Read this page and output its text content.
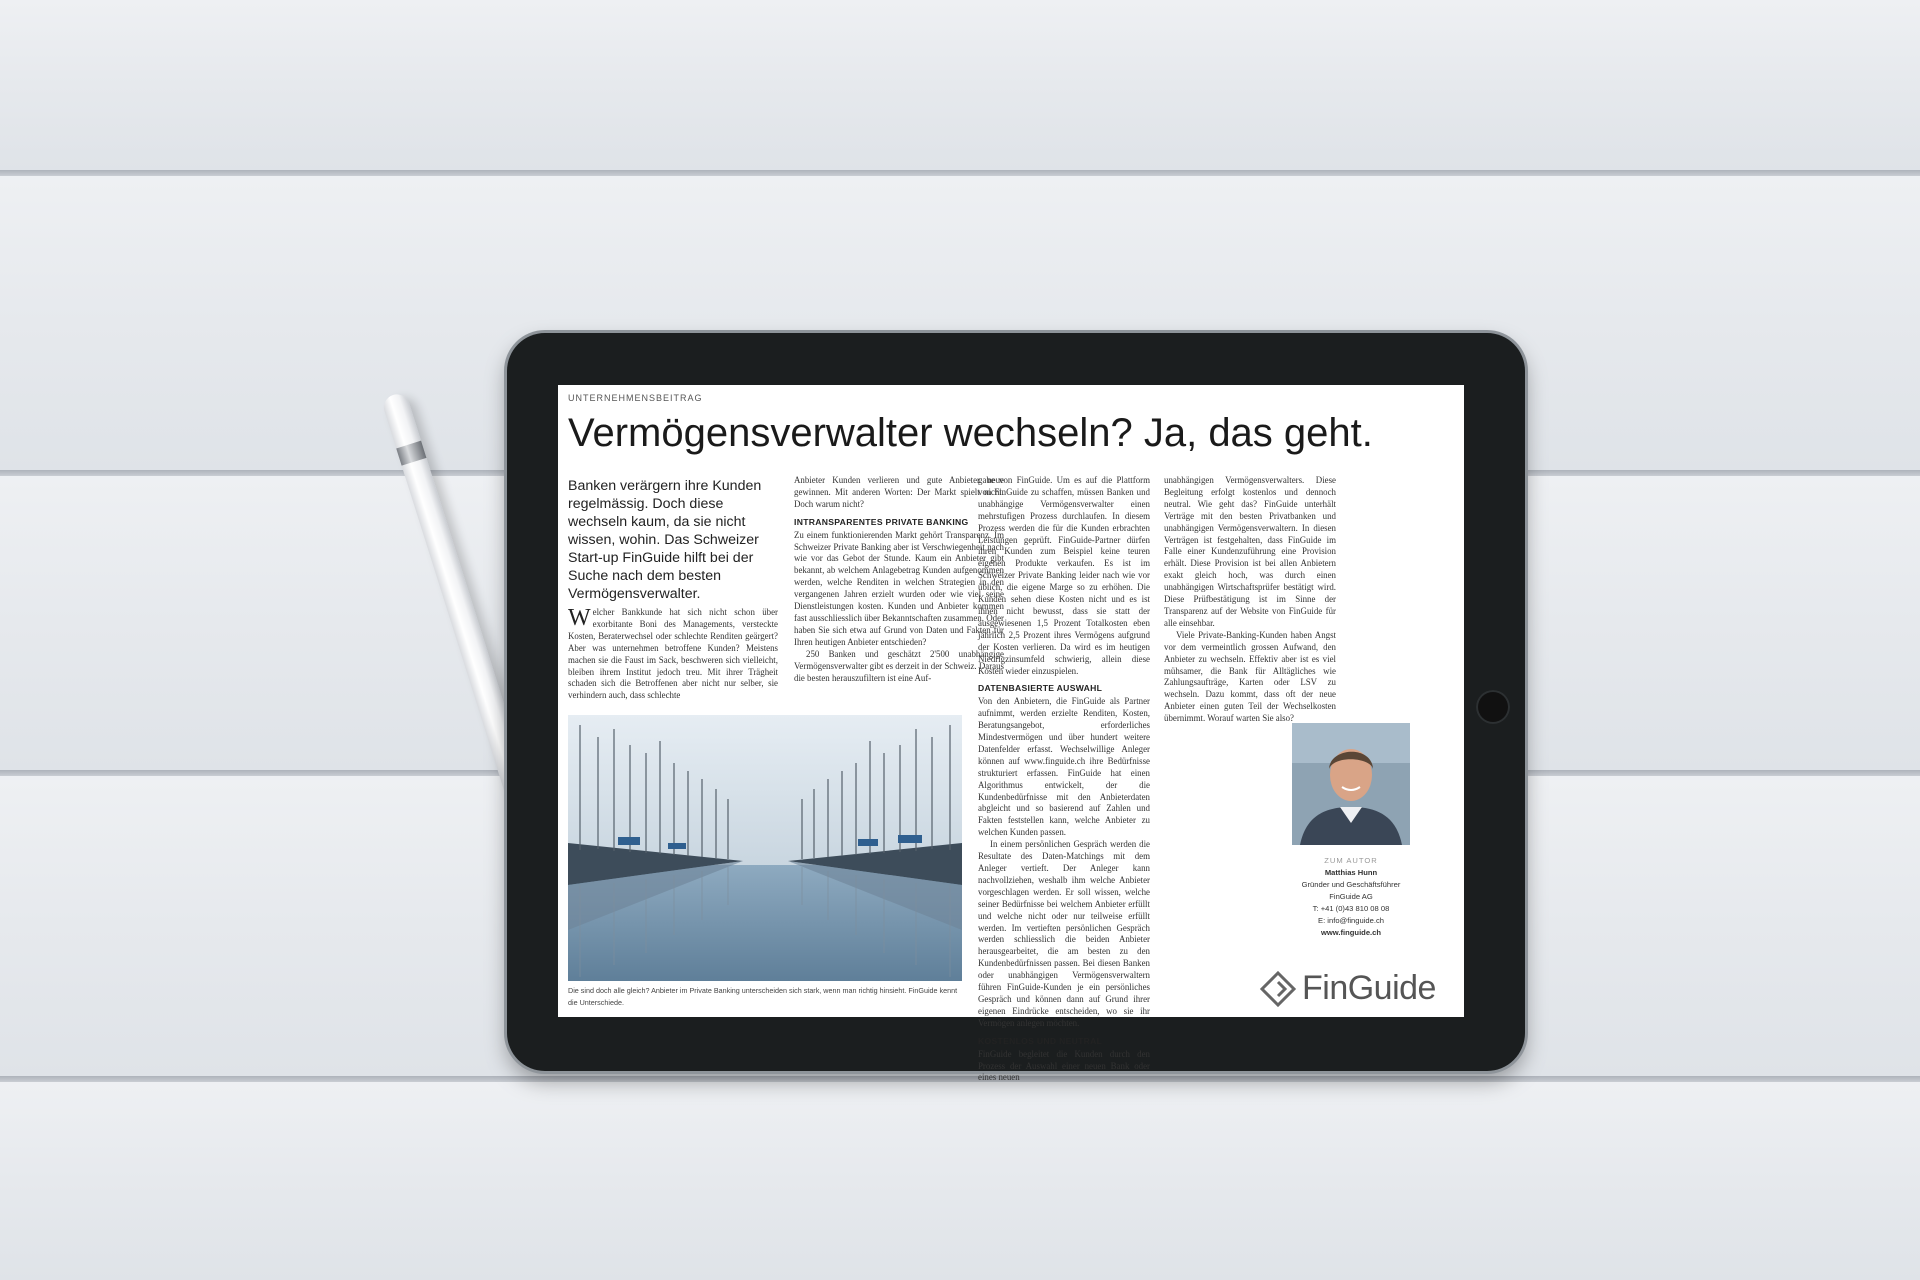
UNTERNEHMENSBEITRAG
Vermögensverwalter wechseln? Ja, das geht.
Banken verärgern ihre Kunden regelmässig. Doch diese wechseln kaum, da sie nicht wissen, wohin. Das Schweizer Start-up FinGuide hilft bei der Suche nach dem besten Vermögensverwalter.
W elcher Bankkunde hat sich nicht schon über exorbitante Boni des Managements, versteckte Kosten, Beraterwechsel oder schlechte Renditen geärgert? Aber was unternehmen betroffene Kunden? Meistens machen sie die Faust im Sack, beschweren sich vielleicht, bleiben ihrem Institut jedoch treu. Mit ihrer Trägheit schaden sich die Betroffenen aber nicht nur selber, sie verhindern auch, dass schlechte

Anbieter Kunden verlieren und gute Anbieter neue gewinnen. Mit anderen Worten: Der Markt spielt nicht. Doch warum nicht?

INTRANSPARENTES PRIVATE BANKING

Zu einem funktionierenden Markt gehört Transparenz. Im Schweizer Private Banking aber ist Verschwiegenheit nach wie vor das Gebot der Stunde. Kaum ein Anbieter gibt bekannt, ab welchem Anlagebetrag Kunden aufgenommen werden, welche Renditen in welchen Strategien in den vergangenen Jahren erzielt wurden oder wie viel seine Dienstleistungen kosten. Kunden und Anbieter kommen fast ausschliesslich über Bekanntschaften zusammen. Oder haben Sie sich etwa auf Grund von Daten und Fakten für Ihren heutigen Anbieter entschieden?

250 Banken und geschätzt 2'500 unabhängige Vermögensverwalter gibt es derzeit in der Schweiz. Daraus die besten herauszufiltern ist eine Auf-

Die sind doch alle gleich? Anbieter im Private Banking unterscheiden sich stark, wenn man richtig hinsieht. FinGuide kennt die Unterschiede.

gabe von FinGuide. Um es auf die Plattform von FinGuide zu schaffen, müssen Banken und unabhängige Vermögensverwalter einen mehrstufigen Prozess durchlaufen. In diesem Prozess werden die für die Kunden erbrachten Leistungen geprüft. FinGuide-Partner dürfen ihren Kunden zum Beispiel keine teuren eigenen Produkte verkaufen. Es ist im Schweizer Private Banking leider nach wie vor üblich, die eigene Marge so zu erhöhen. Die Kunden sehen diese Kosten nicht und es ist ihnen nicht bewusst, dass sie statt der ausgewiesenen 1,5 Prozent Totalkosten eben jährlich 2,5 Prozent ihres Vermögens aufgrund der Kosten verlieren. Da wird es im heutigen Niedrigzinsumfeld schwierig, allein diese Kosten wieder einzuspielen.

DATENBASIERTE AUSWAHL

Von den Anbietern, die FinGuide als Partner aufnimmt, werden erzielte Renditen, Kosten, Beratungsangebot, erforderliches Mindestvermögen und über hundert weitere Datenfelder erfasst. Wechselwillige Anleger können auf www.finguide.ch ihre Bedürfnisse strukturiert erfassen. FinGuide hat einen Algorithmus entwickelt, der die Kundenbedürfnisse mit den Anbieterdaten abgleicht und so basierend auf Zahlen und Fakten feststellen kann, welche Anbieter zu welchen Kunden passen.

In einem persönlichen Gespräch werden die Resultate des Daten-Matchings mit dem Anleger vertieft. Der Anleger kann nachvollziehen, weshalb ihm welche Anbieter vorgeschlagen werden. Er soll wissen, welche seiner Bedürfnisse bei welchem Anbieter erfüllt und welche nicht oder nur teilweise erfüllt werden. Im vertieften persönlichen Gespräch werden schliesslich die beiden Anbieter herausgearbeitet, die am besten zu den Kundenbedürfnissen passen. Bei diesen Banken oder unabhängigen Vermögensverwaltern führen FinGuide-Kunden je ein persönliches Gespräch und können dann auf Grund ihrer eigenen Eindrücke entscheiden, wo sie ihr Vermögen anlegen möchten.

KOSTENLOS UND NEUTRAL

FinGuide begleitet die Kunden durch den Prozess der Auswahl einer neuen Bank oder eines neuen

unabhängigen Vermögensverwalters. Diese Begleitung erfolgt kostenlos und dennoch neutral. Wie geht das? FinGuide unterhält Verträge mit den besten Privatbanken und unabhängigen Vermögensverwaltern. In diesen Verträgen ist festgehalten, dass FinGuide im Falle einer Kundenzuführung eine Provision erhält. Diese Provision ist bei allen Anbietern exakt gleich hoch, was durch einen unabhängigen Wirtschaftsprüfer bestätigt wird. Diese Prüfbestätigung ist im Sinne der Transparenz auf der Website von FinGuide für alle einsehbar.

Viele Private-Banking-Kunden haben Angst vor dem vermeintlich grossen Aufwand, den Anbieter zu wechseln. Effektiv aber ist es viel mühsamer, die Bank für Alltägliches wie Zahlungsaufträge, Karten oder LSV zu wechseln. Dazu kommt, dass oft der neue Anbieter einen guten Teil der Wechselkosten übernimmt. Worauf warten Sie also?

ZUM AUTOR
Matthias Hunn
Gründer und Geschäftsführer
FinGuide AG
T: +41 (0)43 810 08 08
E: info@finguide.ch
www.finguide.ch
FinGuide
